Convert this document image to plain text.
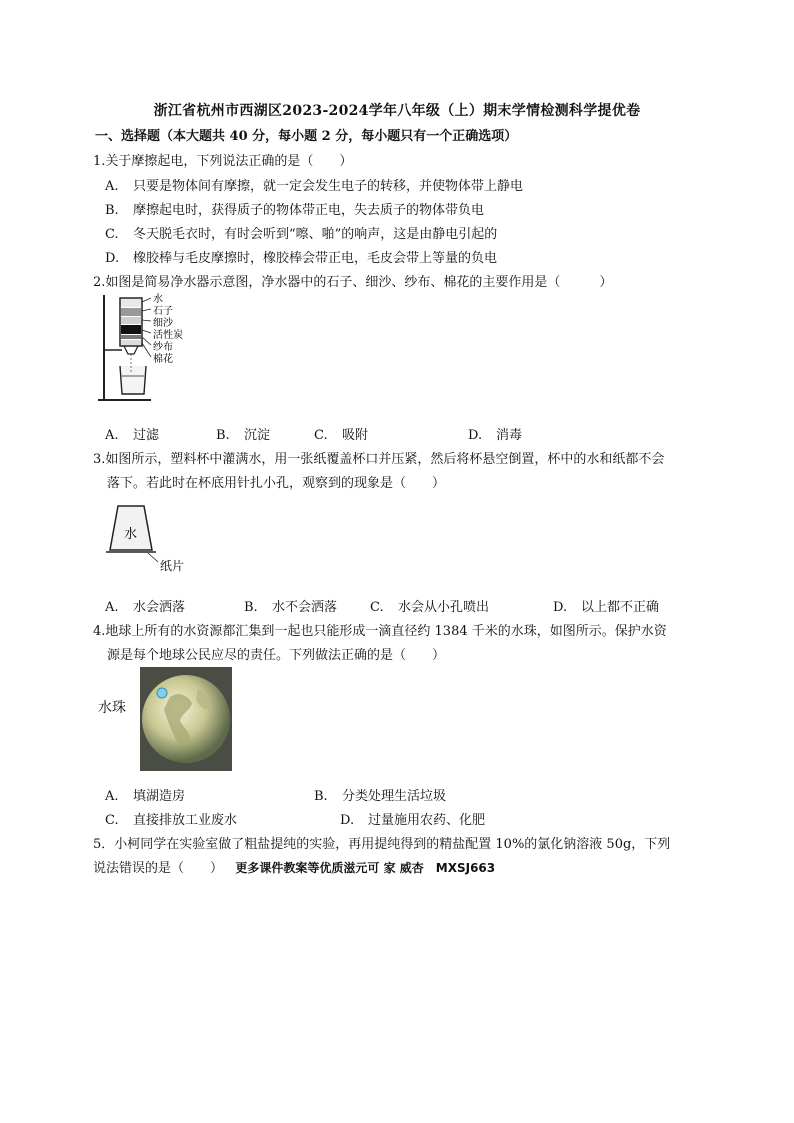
浙江省杭州市西湖区2023-2024学年八年级（上）期末学情检测科学提优卷
一、选择题（本大题共 40 分，每小题 2 分，每小题只有一个正确选项）
1.关于摩擦起电，下列说法正确的是（　　）
A. 只要是物体间有摩擦，就一定会发生电子的转移，并使物体带上静电
B. 摩擦起电时，获得质子的物体带正电，失去质子的物体带负电
C. 冬天脱毛衣时，有时会听到“嚓、啪”的响声，这是由静电引起的
D. 橡胶棒与毛皮摩擦时，橡胶棒会带正电，毛皮会带上等量的负电
2.如图是简易净水器示意图，净水器中的石子、细沙、纱布、棉花的主要作用是（　　　）
水
石子
细沙
活性炭
纱布
棉花
A. 过滤	B. 沉淀	C. 吸附	D. 消毒
3.如图所示，塑料杯中灌满水，用一张纸覆盖杯口并压紧，然后将杯悬空倒置，杯中的水和纸都不会
落下。若此时在杯底用针扎小孔，观察到的现象是（　　）
水
纸片
A. 水会洒落	B. 水不会洒落	C. 水会从小孔喷出	D. 以上都不正确
4.地球上所有的水资源都汇集到一起也只能形成一滴直径约 1384 千米的水珠，如图所示。保护水资
源是每个地球公民应尽的责任。下列做法正确的是（　　）
水珠
A. 填湖造房	B. 分类处理生活垃圾
C. 直接排放工业废水	D. 过量施用农药、化肥
5．小柯同学在实验室做了粗盐提纯的实验，再用提纯得到的精盐配置 10%的氯化钠溶液 50g，下列
说法错误的是（　　） 更多课件教案等优质滋元可 家 威杏　MXSJ663
